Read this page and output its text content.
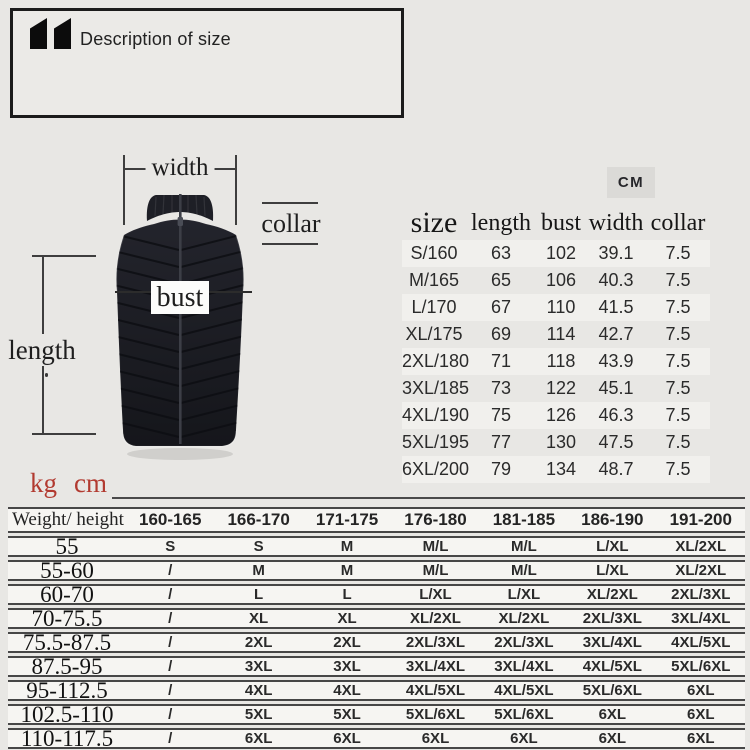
Description of size
width
collar
length
bust
CM
size	length	bust	width	collar
S/160	63	102	39.1	7.5
M/165	65	106	40.3	7.5
L/170	67	110	41.5	7.5
XL/175	69	114	42.7	7.5
2XL/180	71	118	43.9	7.5
3XL/185	73	122	45.1	7.5
4XL/190	75	126	46.3	7.5
5XL/195	77	130	47.5	7.5
6XL/200	79	134	48.7	7.5
kg cm
Weight/ height	160-165	166-170	171-175	176-180	181-185	186-190	191-200
55	S	S	M	M/L	M/L	L/XL	XL/2XL
55-60	/	M	M	M/L	M/L	L/XL	XL/2XL
60-70	/	L	L	L/XL	L/XL	XL/2XL	2XL/3XL
70-75.5	/	XL	XL	XL/2XL	XL/2XL	2XL/3XL	3XL/4XL
75.5-87.5	/	2XL	2XL	2XL/3XL	2XL/3XL	3XL/4XL	4XL/5XL
87.5-95	/	3XL	3XL	3XL/4XL	3XL/4XL	4XL/5XL	5XL/6XL
95-112.5	/	4XL	4XL	4XL/5XL	4XL/5XL	5XL/6XL	6XL
102.5-110	/	5XL	5XL	5XL/6XL	5XL/6XL	6XL	6XL
110-117.5	/	6XL	6XL	6XL	6XL	6XL	6XL
